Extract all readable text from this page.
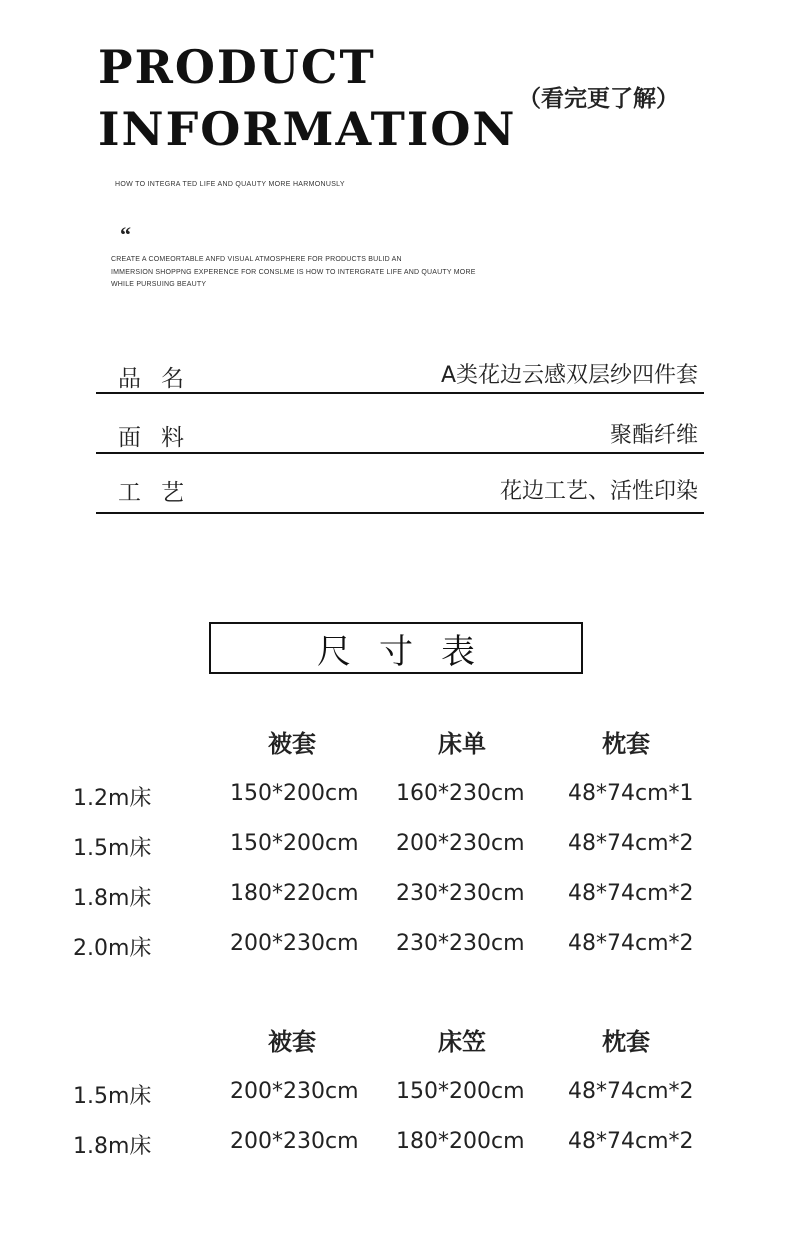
PRODUCT
INFORMATION
（看完更了解）
HOW TO INTEGRA TED LIFE AND QUAUTY MORE HARMONUSLY
“
CREATE A COMEORTABLE ANFD VISUAL ATMOSPHERE FOR PRODUCTS BULID AN
IMMERSION SHOPPNG EXPERENCE FOR CONSLME IS HOW TO INTERGRATE LIFE AND QUAUTY MORE
WHILE PURSUING BEAUTY
品名	A类花边云感双层纱四件套
面料	聚酯纤维
工艺	花边工艺、活性印染
尺寸表
被套	床单	枕套
1.2m床	150*200cm 160*230cm 48*74cm*1
1.5m床	150*200cm 200*230cm 48*74cm*2
1.8m床	180*220cm 230*230cm 48*74cm*2
2.0m床	200*230cm 230*230cm 48*74cm*2
被套	床笠	枕套
1.5m床	200*230cm 150*200cm 48*74cm*2
1.8m床	200*230cm 180*200cm 48*74cm*2
